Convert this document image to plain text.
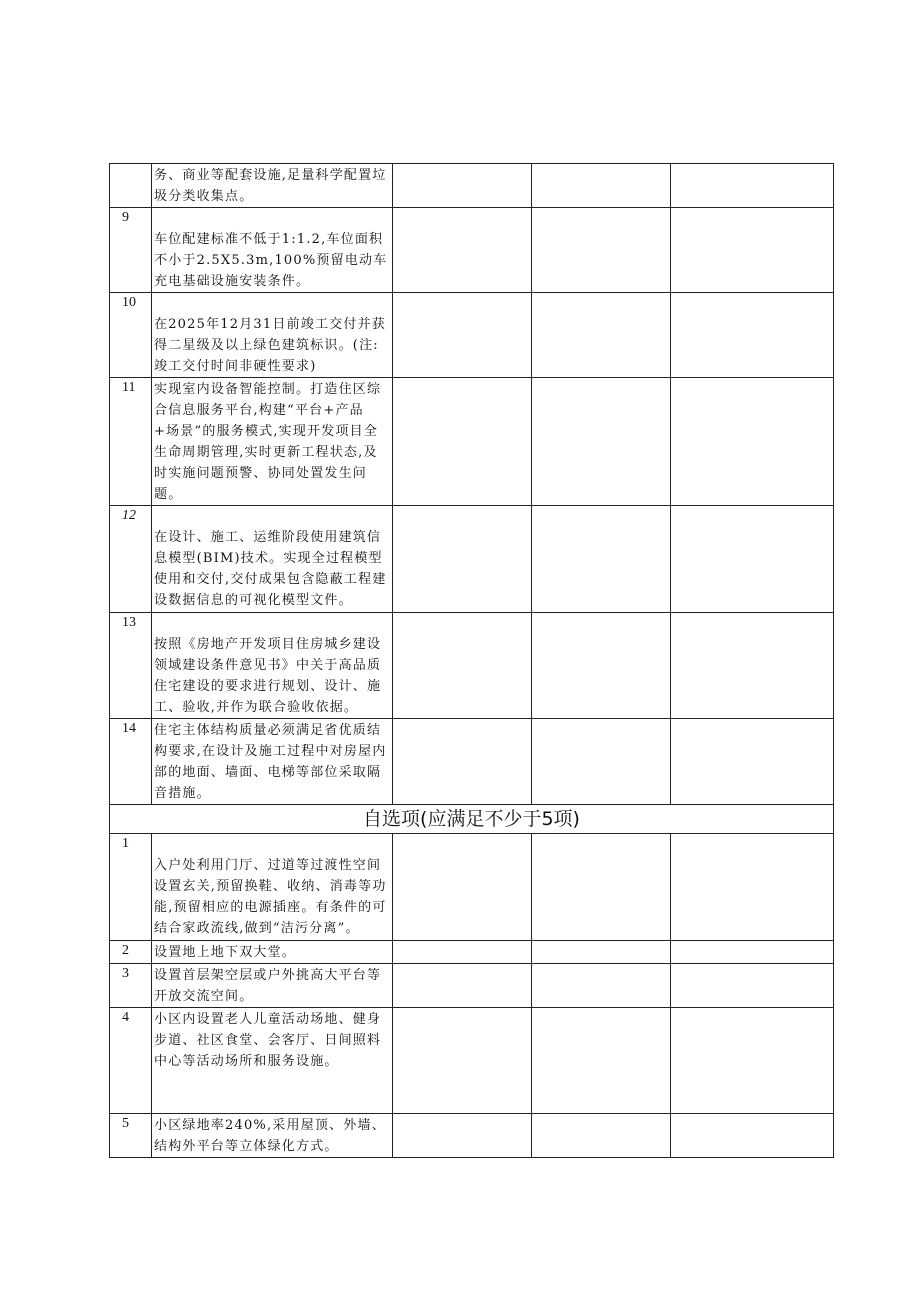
	务、商业等配套设施,足量科学配置垃圾分类收集点。			
9	车位配建标准不低于1:1.2,车位面积不小于2.5X5.3m,100%预留电动车充电基础设施安装条件。			
10	在2025年12月31日前竣工交付并获得二星级及以上绿色建筑标识。(注:竣工交付时间非硬性要求)			
11	实现室内设备智能控制。打造住区综合信息服务平台,构建“平台+产品+场景”的服务模式,实现开发项目全生命周期管理,实时更新工程状态,及时实施问题预警、协同处置发生问题。			
12	在设计、施工、运维阶段使用建筑信息模型(BIM)技术。实现全过程模型使用和交付,交付成果包含隐蔽工程建设数据信息的可视化模型文件。			
13	按照《房地产开发项目住房城乡建设领域建设条件意见书》中关于高品质住宅建设的要求进行规划、设计、施工、验收,并作为联合验收依据。			
14	住宅主体结构质量必须满足省优质结构要求,在设计及施工过程中对房屋内部的地面、墙面、电梯等部位采取隔音措施。			
自选项(应满足不少于5项)				
1	入户处利用门厅、过道等过渡性空间设置玄关,预留换鞋、收纳、消毒等功能,预留相应的电源插座。有条件的可结合家政流线,做到“洁污分离”。			
2	设置地上地下双大堂。			
3	设置首层架空层或户外挑高大平台等开放交流空间。			
4	小区内设置老人儿童活动场地、健身步道、社区食堂、会客厅、日间照料中心等活动场所和服务设施。			
5	小区绿地率240%,采用屋顶、外墙、结构外平台等立体绿化方式。			
